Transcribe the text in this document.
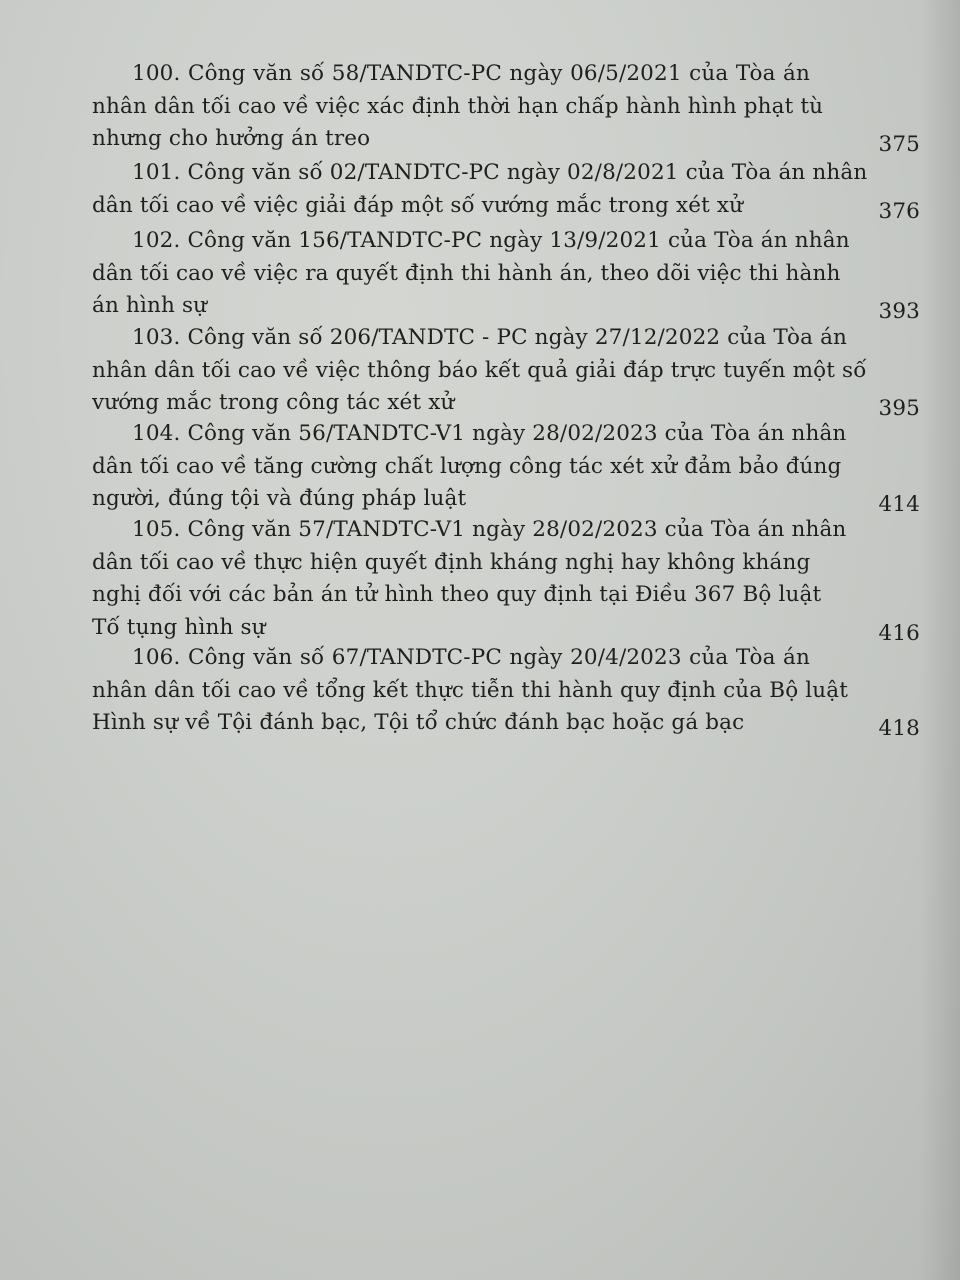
100. Công văn số 58/TANDTC-PC ngày 06/5/2021 của Tòa án
nhân dân tối cao về việc xác định thời hạn chấp hành hình phạt tù
nhưng cho hưởng án treo	375
101. Công văn số 02/TANDTC-PC ngày 02/8/2021 của Tòa án nhân
dân tối cao về việc giải đáp một số vướng mắc trong xét xử	376
102. Công văn 156/TANDTC-PC ngày 13/9/2021 của Tòa án nhân
dân tối cao về việc ra quyết định thi hành án, theo dõi việc thi hành
án hình sự	393
103. Công văn số 206/TANDTC - PC ngày 27/12/2022 của Tòa án
nhân dân tối cao về việc thông báo kết quả giải đáp trực tuyến một số
vướng mắc trong công tác xét xử	395
104. Công văn 56/TANDTC-V1 ngày 28/02/2023 của Tòa án nhân
dân tối cao về tăng cường chất lượng công tác xét xử đảm bảo đúng
người, đúng tội và đúng pháp luật	414
105. Công văn 57/TANDTC-V1 ngày 28/02/2023 của Tòa án nhân
dân tối cao về thực hiện quyết định kháng nghị hay không kháng
nghị đối với các bản án tử hình theo quy định tại Điều 367 Bộ luật
Tố tụng hình sự	416
106. Công văn số 67/TANDTC-PC ngày 20/4/2023 của Tòa án
nhân dân tối cao về tổng kết thực tiễn thi hành quy định của Bộ luật
Hình sự về Tội đánh bạc, Tội tổ chức đánh bạc hoặc gá bạc	418
